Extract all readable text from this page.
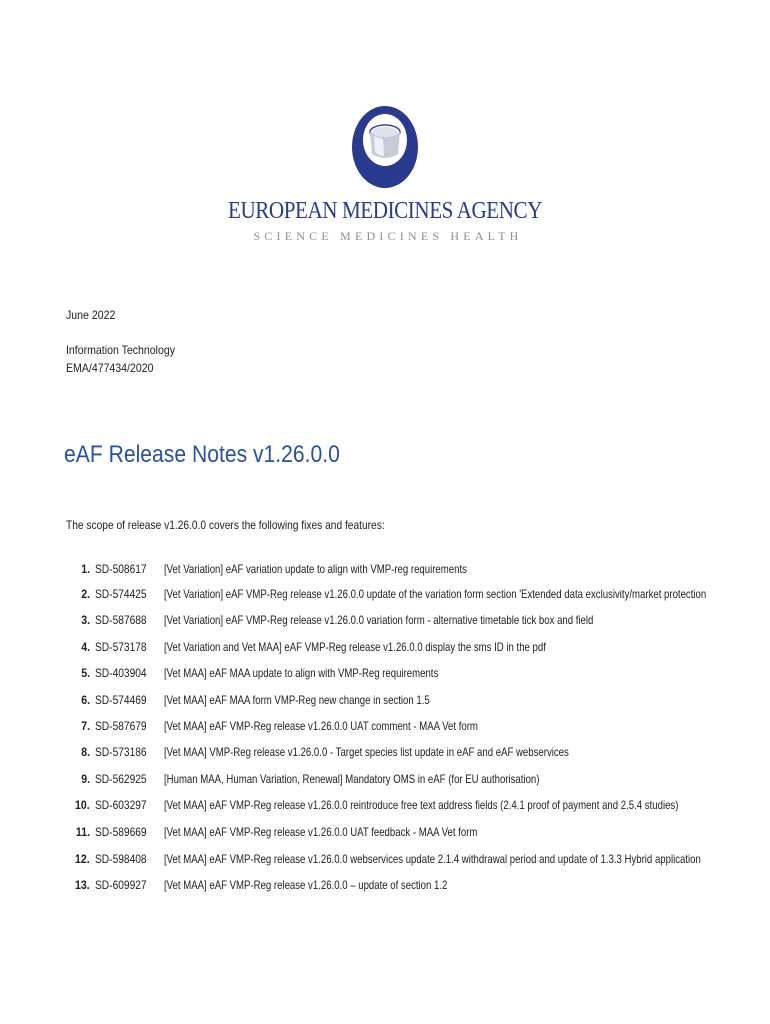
EUROPEAN MEDICINES AGENCY
SCIENCE MEDICINES HEALTH
June 2022
Information Technology
EMA/477434/2020
eAF Release Notes v1.26.0.0
The scope of release v1.26.0.0 covers the following fixes and features:
1. SD-508617 [Vet Variation] eAF variation update to align with VMP-reg requirements
2. SD-574425 [Vet Variation] eAF VMP-Reg release v1.26.0.0 update of the variation form section 'Extended data exclusivity/market protection
3. SD-587688 [Vet Variation] eAF VMP-Reg release v1.26.0.0 variation form - alternative timetable tick box and field
4. SD-573178 [Vet Variation and Vet MAA] eAF VMP-Reg release v1.26.0.0 display the sms ID in the pdf
5. SD-403904 [Vet MAA] eAF MAA update to align with VMP-Reg requirements
6. SD-574469 [Vet MAA] eAF MAA form VMP-Reg new change in section 1.5
7. SD-587679 [Vet MAA] eAF VMP-Reg release v1.26.0.0 UAT comment - MAA Vet form
8. SD-573186 [Vet MAA] VMP-Reg release v1.26.0.0 - Target species list update in eAF and eAF webservices
9. SD-562925 [Human MAA, Human Variation, Renewal] Mandatory OMS in eAF (for EU authorisation)
10. SD-603297 [Vet MAA] eAF VMP-Reg release v1.26.0.0 reintroduce free text address fields (2.4.1 proof of payment and 2.5.4 studies)
11. SD-589669 [Vet MAA] eAF VMP-Reg release v1.26.0.0 UAT feedback - MAA Vet form
12. SD-598408 [Vet MAA] eAF VMP-Reg release v1.26.0.0 webservices update 2.1.4 withdrawal period and update of 1.3.3 Hybrid application
13. SD-609927 [Vet MAA] eAF VMP-Reg release v1.26.0.0 – update of section 1.2
